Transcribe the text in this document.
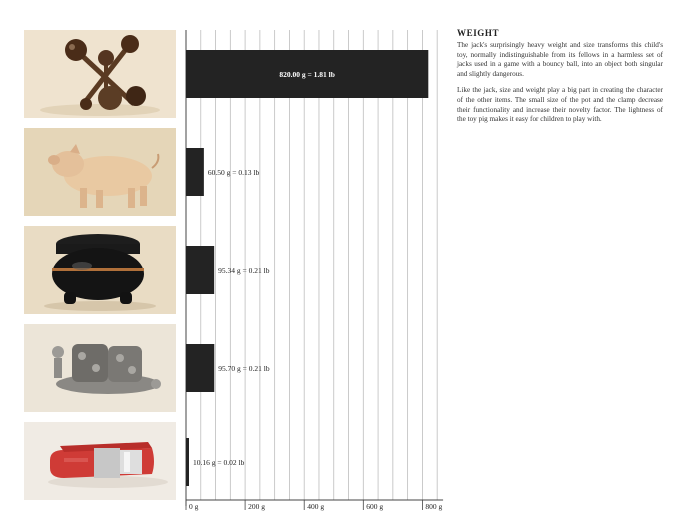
820.00 g = 1.81 lb
60.50 g = 0.13 lb
95.34 g = 0.21 lb
95.70 g = 0.21 lb
10.16 g = 0.02 lb
0 g	200 g	400 g	600 g	800 g
WEIGHT

The jack's surprisingly heavy weight and size transforms this child's toy, normally indistinguishable from its fellows in a harmless set of jacks used in a game with a bouncy ball, into an object both singular and slightly dangerous.

Like the jack, size and weight play a big part in creating the character of the other items. The small size of the pot and the clamp decrease their functionality and increase their novelty factor. The lightness of the toy pig makes it easy for children to play with.
